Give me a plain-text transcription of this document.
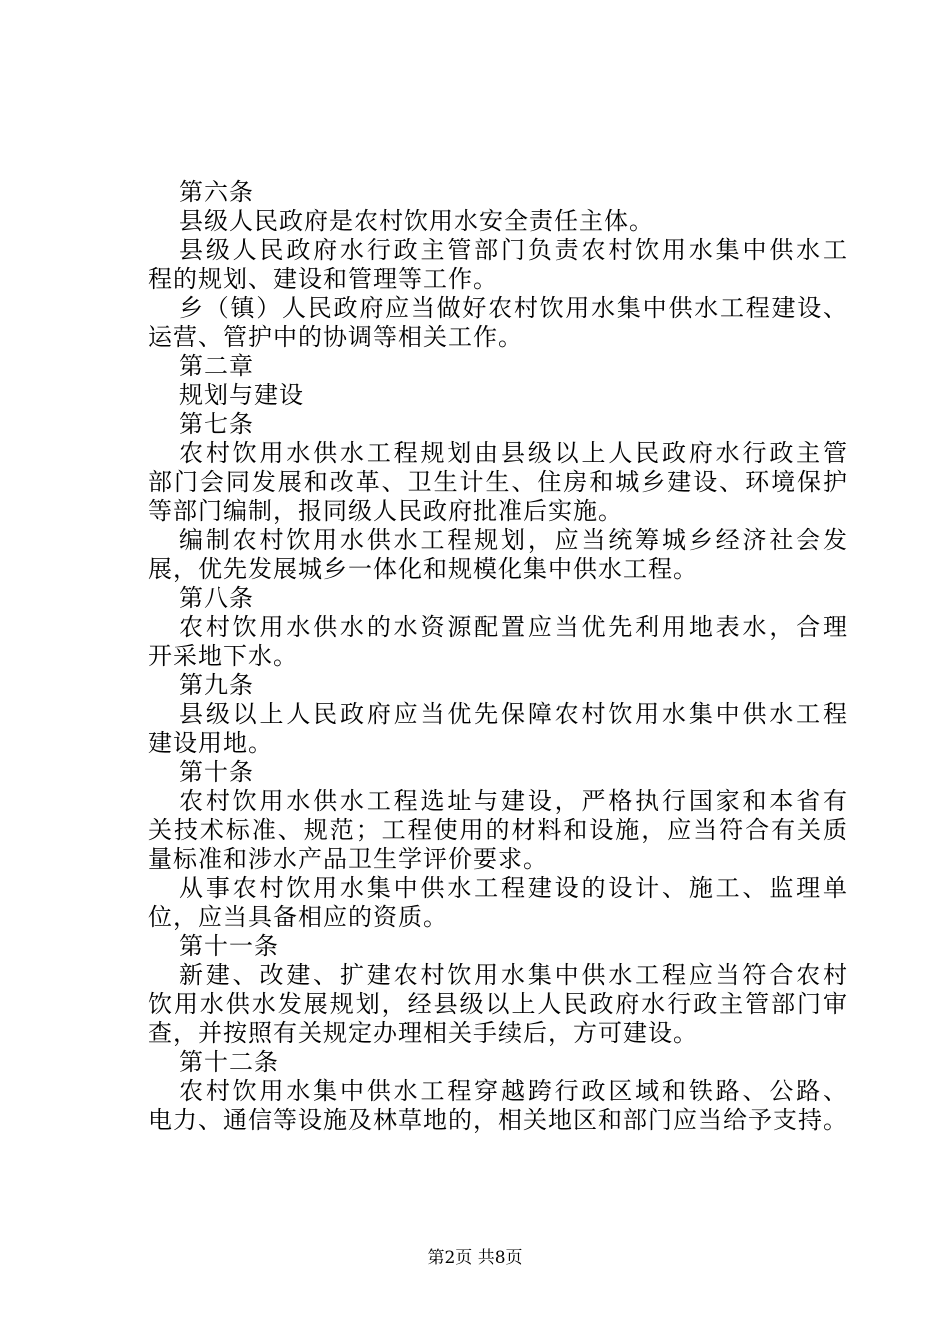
第六条
县级人民政府是农村饮用水安全责任主体。
县级人民政府水行政主管部门负责农村饮用水集中供水工
程的规划、建设和管理等工作。
乡（镇）人民政府应当做好农村饮用水集中供水工程建设、
运营、管护中的协调等相关工作。
第二章
规划与建设
第七条
农村饮用水供水工程规划由县级以上人民政府水行政主管
部门会同发展和改革、卫生计生、住房和城乡建设、环境保护
等部门编制，报同级人民政府批准后实施。
编制农村饮用水供水工程规划，应当统筹城乡经济社会发
展，优先发展城乡一体化和规模化集中供水工程。
第八条
农村饮用水供水的水资源配置应当优先利用地表水，合理
开采地下水。
第九条
县级以上人民政府应当优先保障农村饮用水集中供水工程
建设用地。
第十条
农村饮用水供水工程选址与建设，严格执行国家和本省有
关技术标准、规范；工程使用的材料和设施，应当符合有关质
量标准和涉水产品卫生学评价要求。
从事农村饮用水集中供水工程建设的设计、施工、监理单
位，应当具备相应的资质。
第十一条
新建、改建、扩建农村饮用水集中供水工程应当符合农村
饮用水供水发展规划，经县级以上人民政府水行政主管部门审
查，并按照有关规定办理相关手续后，方可建设。
第十二条
农村饮用水集中供水工程穿越跨行政区域和铁路、公路、
电力、通信等设施及林草地的，相关地区和部门应当给予支持。
第2页 共8页
